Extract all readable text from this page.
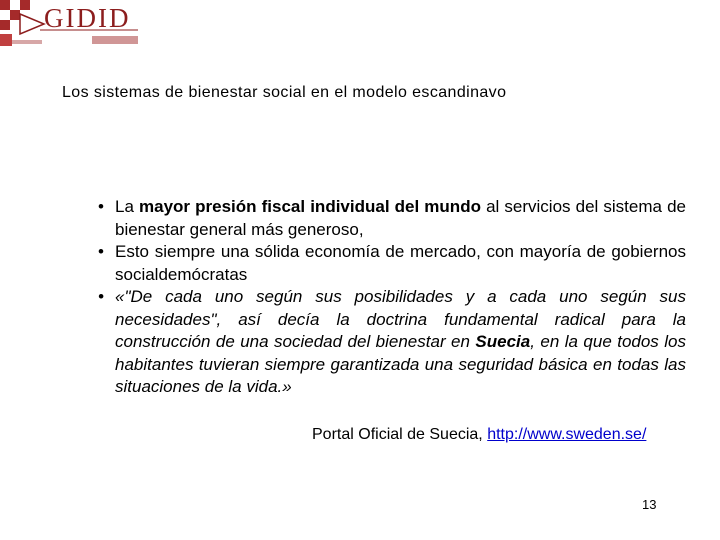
GIDID
Los sistemas de bienestar social en el modelo escandinavo
• La mayor presión fiscal individual del mundo al servicios del sistema de bienestar general más generoso,
• Esto siempre una sólida economía de mercado, con mayoría de gobiernos socialdemócratas
• «"De cada uno según sus posibilidades y a cada uno según sus necesidades", así decía la doctrina fundamental radical para la construcción de una sociedad del bienestar en Suecia, en la que todos los habitantes tuvieran siempre garantizada una seguridad básica en todas las situaciones de la vida.»
Portal Oficial de Suecia, http://www.sweden.se/
13
